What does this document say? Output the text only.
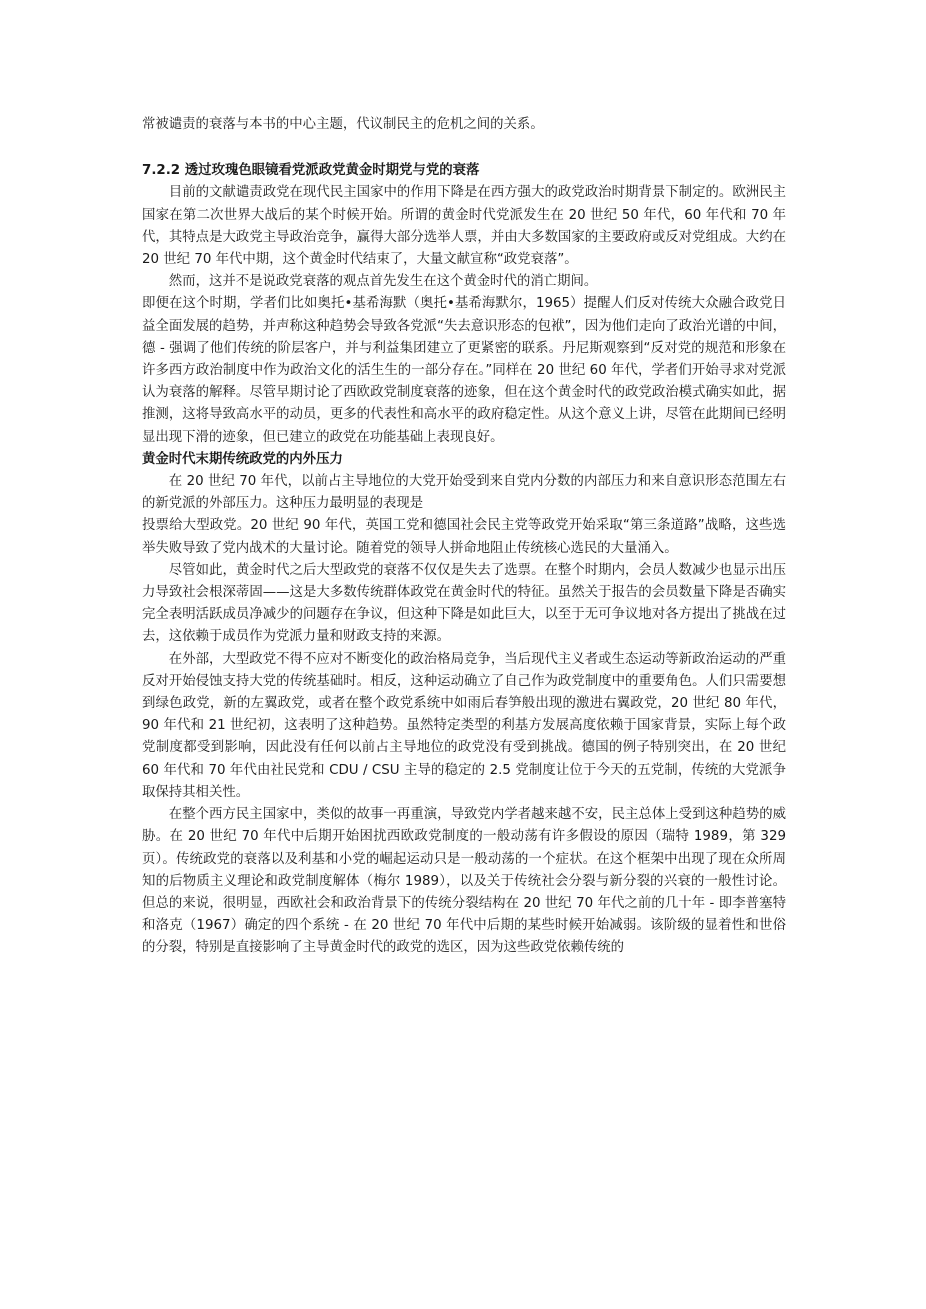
常被谴责的衰落与本书的中心主题，代议制民主的危机之间的关系。

7.2.2 透过玫瑰色眼镜看党派政党黄金时期党与党的衰落

目前的文献谴责政党在现代民主国家中的作用下降是在西方强大的政党政治时期背景下制定的。欧洲民主国家在第二次世界大战后的某个时候开始。所谓的黄金时代党派发生在 20 世纪 50 年代，60 年代和 70 年代，其特点是大政党主导政治竞争，赢得大部分选举人票，并由大多数国家的主要政府或反对党组成。大约在 20 世纪 70 年代中期，这个黄金时代结束了，大量文献宣称“政党衰落”。

然而，这并不是说政党衰落的观点首先发生在这个黄金时代的消亡期间。

即便在这个时期，学者们比如奥托•基希海默（奥托•基希海默尔，1965）提醒人们反对传统大众融合政党日益全面发展的趋势，并声称这种趋势会导致各党派“失去意识形态的包袱”，因为他们走向了政治光谱的中间，德 - 强调了他们传统的阶层客户，并与利益集团建立了更紧密的联系。丹尼斯观察到“反对党的规范和形象在许多西方政治制度中作为政治文化的活生生的一部分存在。”同样在 20 世纪 60 年代，学者们开始寻求对党派认为衰落的解释。尽管早期讨论了西欧政党制度衰落的迹象，但在这个黄金时代的政党政治模式确实如此，据推测，这将导致高水平的动员，更多的代表性和高水平的政府稳定性。从这个意义上讲，尽管在此期间已经明显出现下滑的迹象，但已建立的政党在功能基础上表现良好。

黄金时代末期传统政党的内外压力

在 20 世纪 70 年代，以前占主导地位的大党开始受到来自党内分数的内部压力和来自意识形态范围左右的新党派的外部压力。这种压力最明显的表现是

投票给大型政党。20 世纪 90 年代，英国工党和德国社会民主党等政党开始采取“第三条道路”战略，这些选举失败导致了党内战术的大量讨论。随着党的领导人拼命地阻止传统核心选民的大量涌入。

尽管如此，黄金时代之后大型政党的衰落不仅仅是失去了选票。在整个时期内，会员人数减少也显示出压力导致社会根深蒂固——这是大多数传统群体政党在黄金时代的特征。虽然关于报告的会员数量下降是否确实完全表明活跃成员净减少的问题存在争议，但这种下降是如此巨大，以至于无可争议地对各方提出了挑战在过去，这依赖于成员作为党派力量和财政支持的来源。

在外部，大型政党不得不应对不断变化的政治格局竞争，当后现代主义者或生态运动等新政治运动的严重反对开始侵蚀支持大党的传统基础时。相反，这种运动确立了自己作为政党制度中的重要角色。人们只需要想到绿色政党，新的左翼政党，或者在整个政党系统中如雨后春笋般出现的激进右翼政党，20 世纪 80 年代，90 年代和 21 世纪初，这表明了这种趋势。虽然特定类型的利基方发展高度依赖于国家背景，实际上每个政党制度都受到影响，因此没有任何以前占主导地位的政党没有受到挑战。德国的例子特别突出，在 20 世纪 60 年代和 70 年代由社民党和 CDU / CSU 主导的稳定的 2.5 党制度让位于今天的五党制，传统的大党派争取保持其相关性。

在整个西方民主国家中，类似的故事一再重演，导致党内学者越来越不安，民主总体上受到这种趋势的威胁。在 20 世纪 70 年代中后期开始困扰西欧政党制度的一般动荡有许多假设的原因（瑞特 1989，第 329 页）。传统政党的衰落以及利基和小党的崛起运动只是一般动荡的一个症状。在这个框架中出现了现在众所周知的后物质主义理论和政党制度解体（梅尔 1989），以及关于传统社会分裂与新分裂的兴衰的一般性讨论。但总的来说，很明显，西欧社会和政治背景下的传统分裂结构在 20 世纪 70 年代之前的几十年 - 即李普塞特和洛克（1967）确定的四个系统 - 在 20 世纪 70 年代中后期的某些时候开始减弱。该阶级的显着性和世俗的分裂，特别是直接影响了主导黄金时代的政党的选区，因为这些政党依赖传统的
